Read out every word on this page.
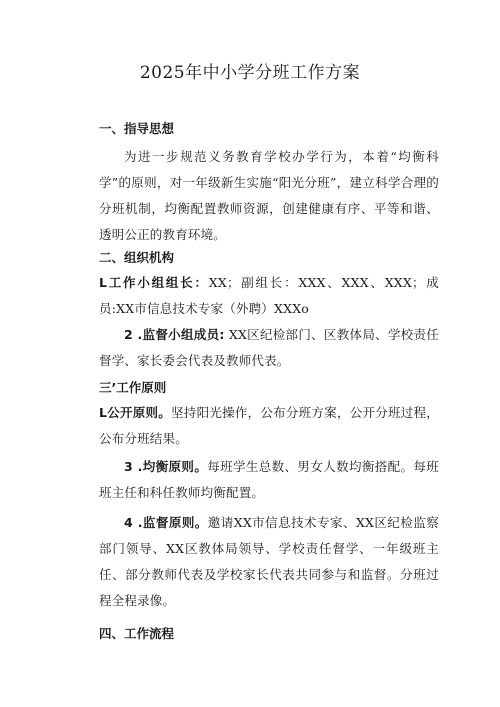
2025年中小学分班工作方案
一、指导思想

为进一步规范义务教育学校办学行为，本着“均衡科学”的原则，对一年级新生实施“阳光分班”，建立科学合理的分班机制，均衡配置教师资源，创建健康有序、平等和谐、透明公正的教育环境。

二、组织机构

L工作小组组长：XX；副组长：XXX、XXX、XXX；成员:XX市信息技术专家（外聘）XXXo

2 .监督小组成员: XX区纪检部门、区教体局、学校责任督学、家长委会代表及教师代表。

三’工作原则

L公开原则。坚持阳光操作，公布分班方案，公开分班过程，公布分班结果。

3 .均衡原则。每班学生总数、男女人数均衡搭配。每班班主任和科任教师均衡配置。

4 .监督原则。邀请XX市信息技术专家、XX区纪检监察部门领导、XX区教体局领导、学校责任督学、一年级班主任、部分教师代表及学校家长代表共同参与和监督。分班过程全程录像。

四、工作流程
